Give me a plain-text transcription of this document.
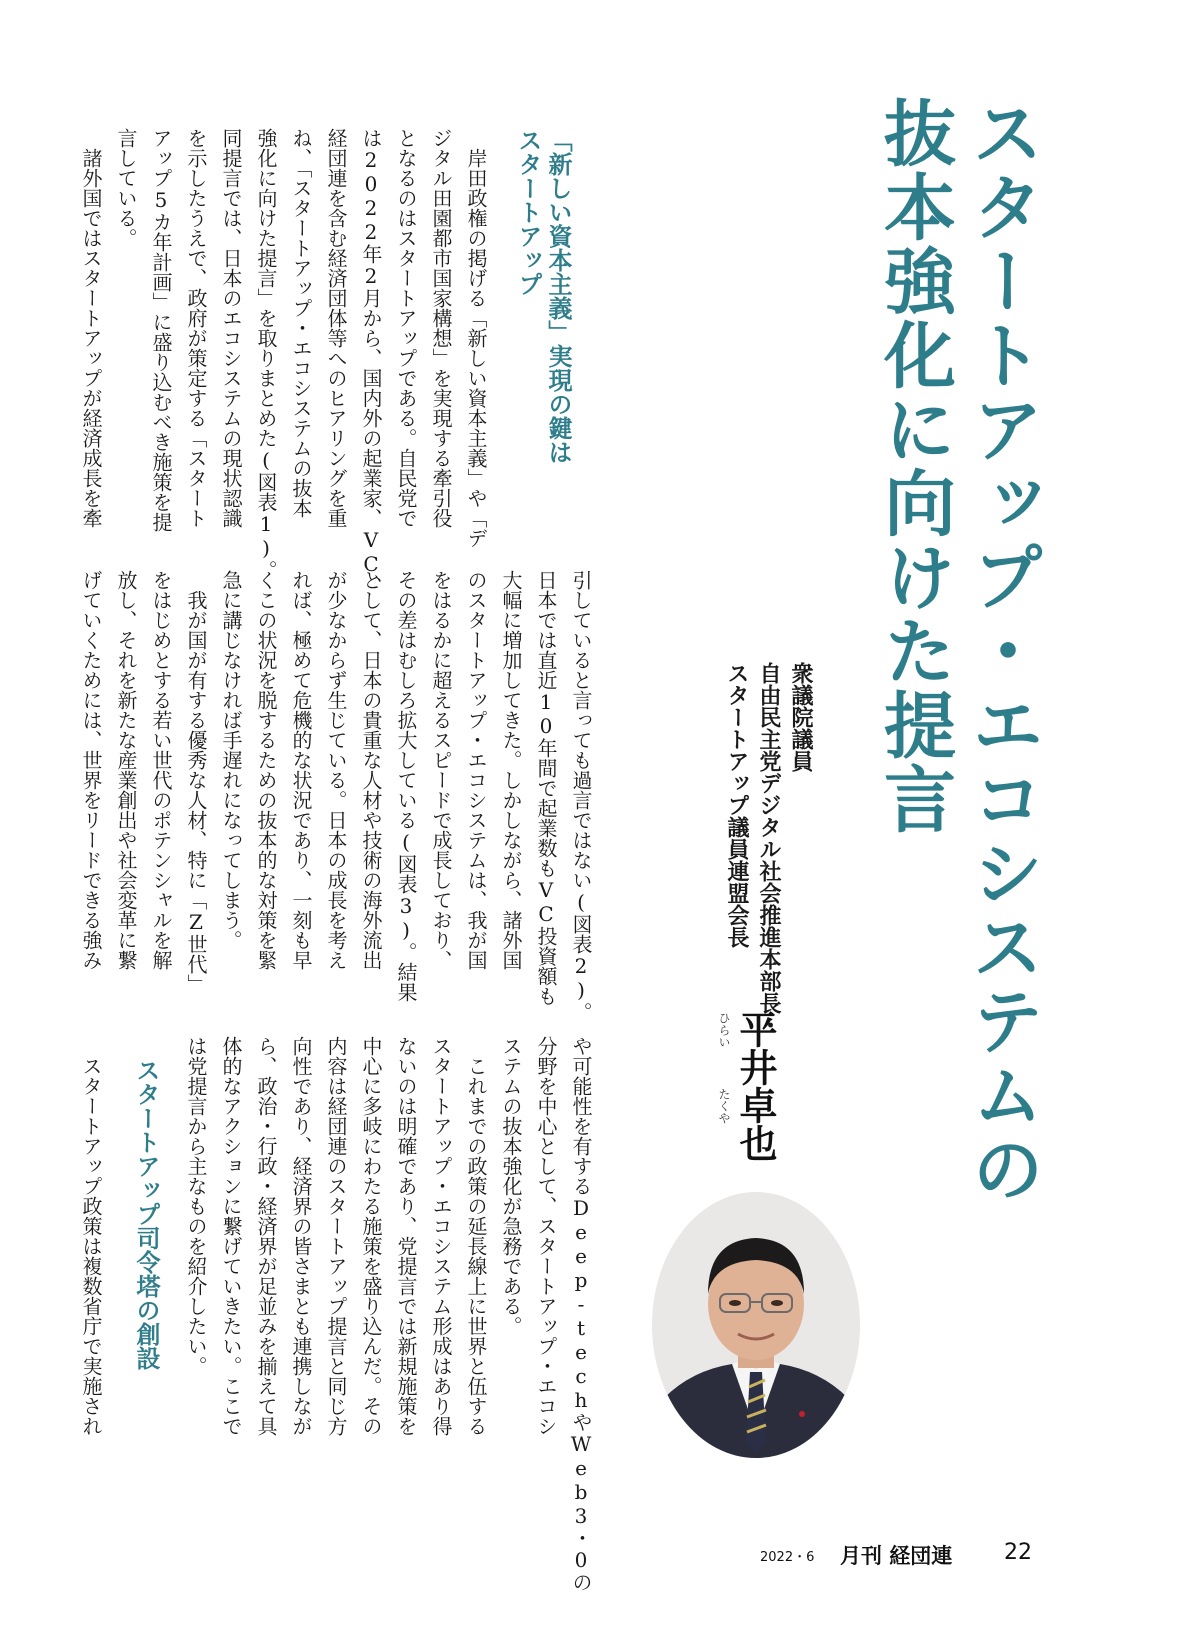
スタートアップ・エコシステムの
抜本強化に向けた提言
衆議院議員
自由民主党デジタル社会推進本部長・
スタートアップ議員連盟会長
平井卓也
ひらい
たくや
「新しい資本主義」実現の鍵は
スタートアップ
　岸田政権の掲げる「新しい資本主義」や「デ
ジタル田園都市国家構想」を実現する牽引役
となるのはスタートアップである。自民党で
は2022年2月から、国内外の起業家、VC、
経団連を含む経済団体等へのヒアリングを重
ね、「スタートアップ・エコシステムの抜本
強化に向けた提言」を取りまとめた(図表1)。
同提言では、日本のエコシステムの現状認識
を示したうえで、政府が策定する「スタート
アップ5カ年計画」に盛り込むべき施策を提
言している。
　諸外国ではスタートアップが経済成長を牽
引していると言っても過言ではない(図表2)。
日本では直近10年間で起業数もVC投資額も
大幅に増加してきた。しかしながら、諸外国
のスタートアップ・エコシステムは、我が国
をはるかに超えるスピードで成長しており、
その差はむしろ拡大している(図表3)。結果
として、日本の貴重な人材や技術の海外流出
が少なからず生じている。日本の成長を考え
れば、極めて危機的な状況であり、一刻も早
くこの状況を脱するための抜本的な対策を緊
急に講じなければ手遅れになってしまう。
　我が国が有する優秀な人材、特に「Z世代」
をはじめとする若い世代のポテンシャルを解
放し、それを新たな産業創出や社会変革に繋
げていくためには、世界をリードできる強み
や可能性を有するDeep-techやWeb3・0の
分野を中心として、スタートアップ・エコシ
ステムの抜本強化が急務である。
　これまでの政策の延長線上に世界と伍する
スタートアップ・エコシステム形成はあり得
ないのは明確であり、党提言では新規施策を
中心に多岐にわたる施策を盛り込んだ。その
内容は経団連のスタートアップ提言と同じ方
向性であり、経済界の皆さまとも連携しなが
ら、政治・行政・経済界が足並みを揃えて具
体的なアクションに繋げていきたい。ここで
は党提言から主なものを紹介したい。
スタートアップ司令塔の創設
　スタートアップ政策は複数省庁で実施され
2022・6 月刊 経団連 22
